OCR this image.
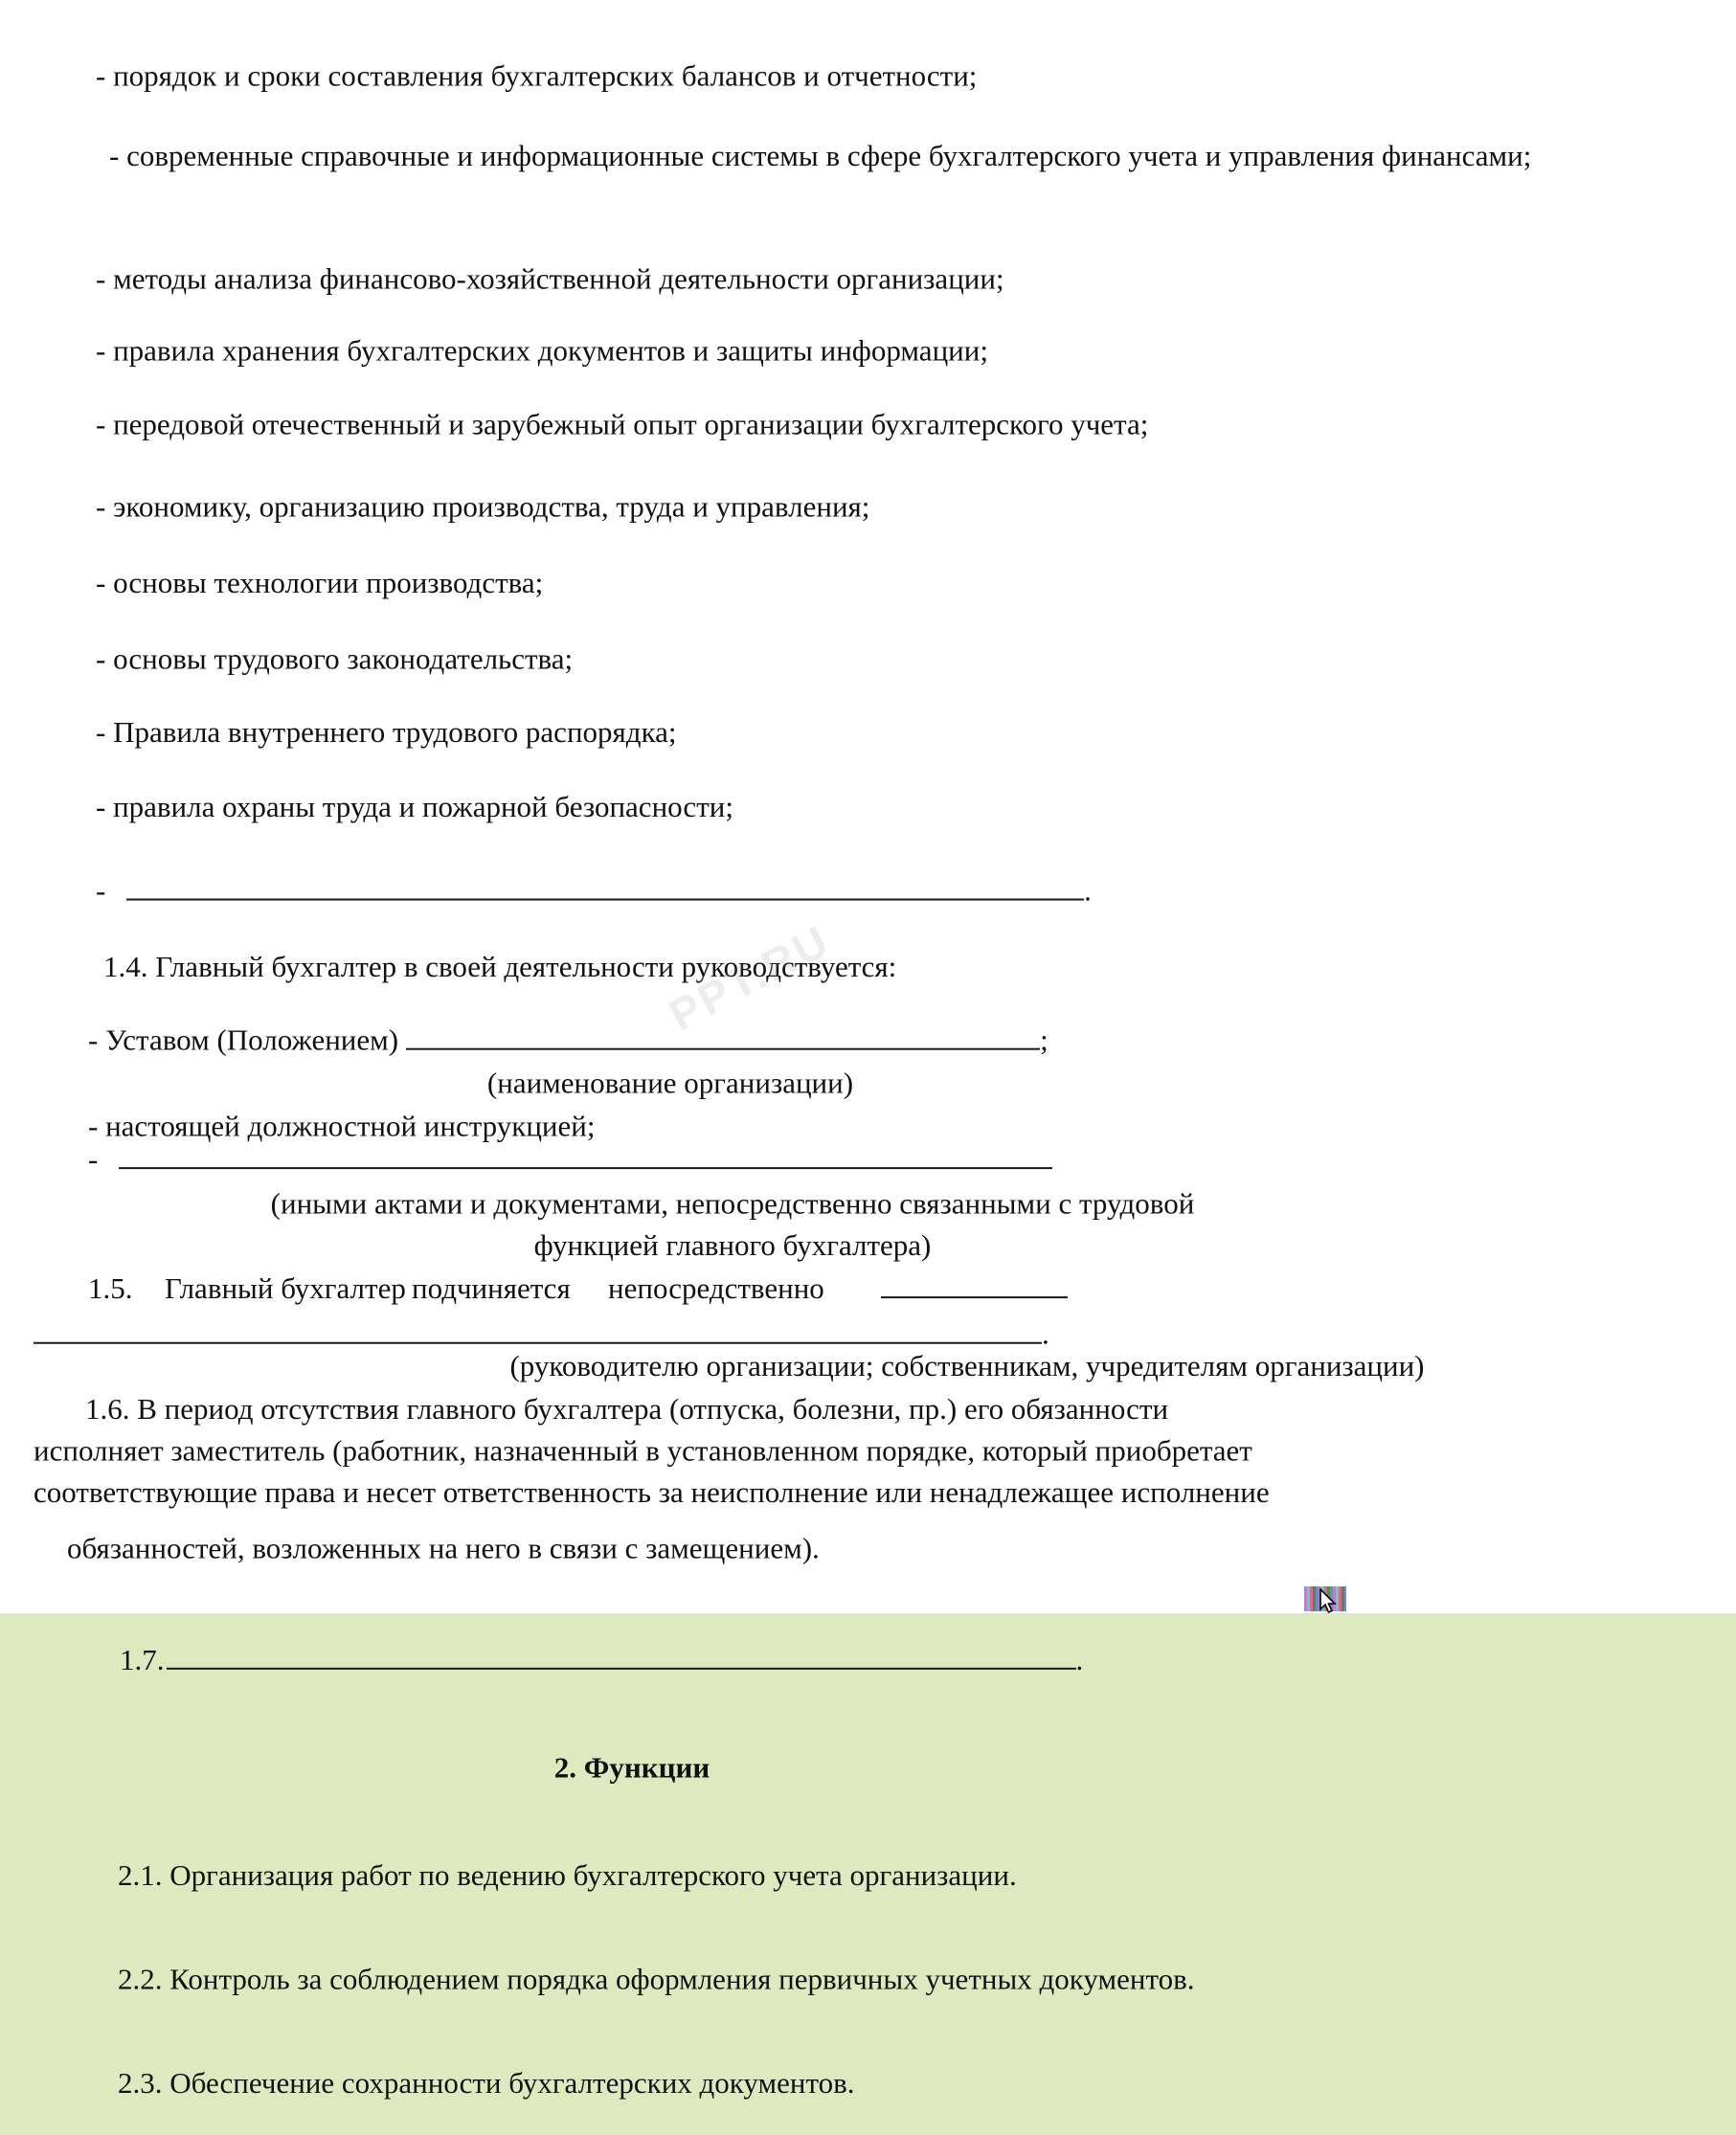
PPT.RU
- порядок и сроки составления бухгалтерских балансов и отчетности;
- современные справочные и информационные системы в сфере бухгалтерского учета и управления финансами;
- методы анализа финансово-хозяйственной деятельности организации;
- правила хранения бухгалтерских документов и защиты информации;
- передовой отечественный и зарубежный опыт организации бухгалтерского учета;
- экономику, организацию производства, труда и управления;
- основы технологии производства;
- основы трудового законодательства;
- Правила внутреннего трудового распорядка;
- правила охраны труда и пожарной безопасности;
-	.
1.4. Главный бухгалтер в своей деятельности руководствуется:
- Уставом (Положением)	;
(наименование организации)
- настоящей должностной инструкцией;
-
(иными актами и документами, непосредственно связанными с трудовой
функцией главного бухгалтера)
1.5. Главный бухгалтер подчиняется непосредственно
.
(руководителю организации; собственникам, учредителям организации)
1.6. В период отсутствия главного бухгалтера (отпуска, болезни, пр.) его обязанности
исполняет заместитель (работник, назначенный в установленном порядке, который приобретает
соответствующие права и несет ответственность за неисполнение или ненадлежащее исполнение
обязанностей, возложенных на него в связи с замещением).
1.7.	.
2. Функции
2.1. Организация работ по ведению бухгалтерского учета организации.
2.2. Контроль за соблюдением порядка оформления первичных учетных документов.
2.3. Обеспечение сохранности бухгалтерских документов.
